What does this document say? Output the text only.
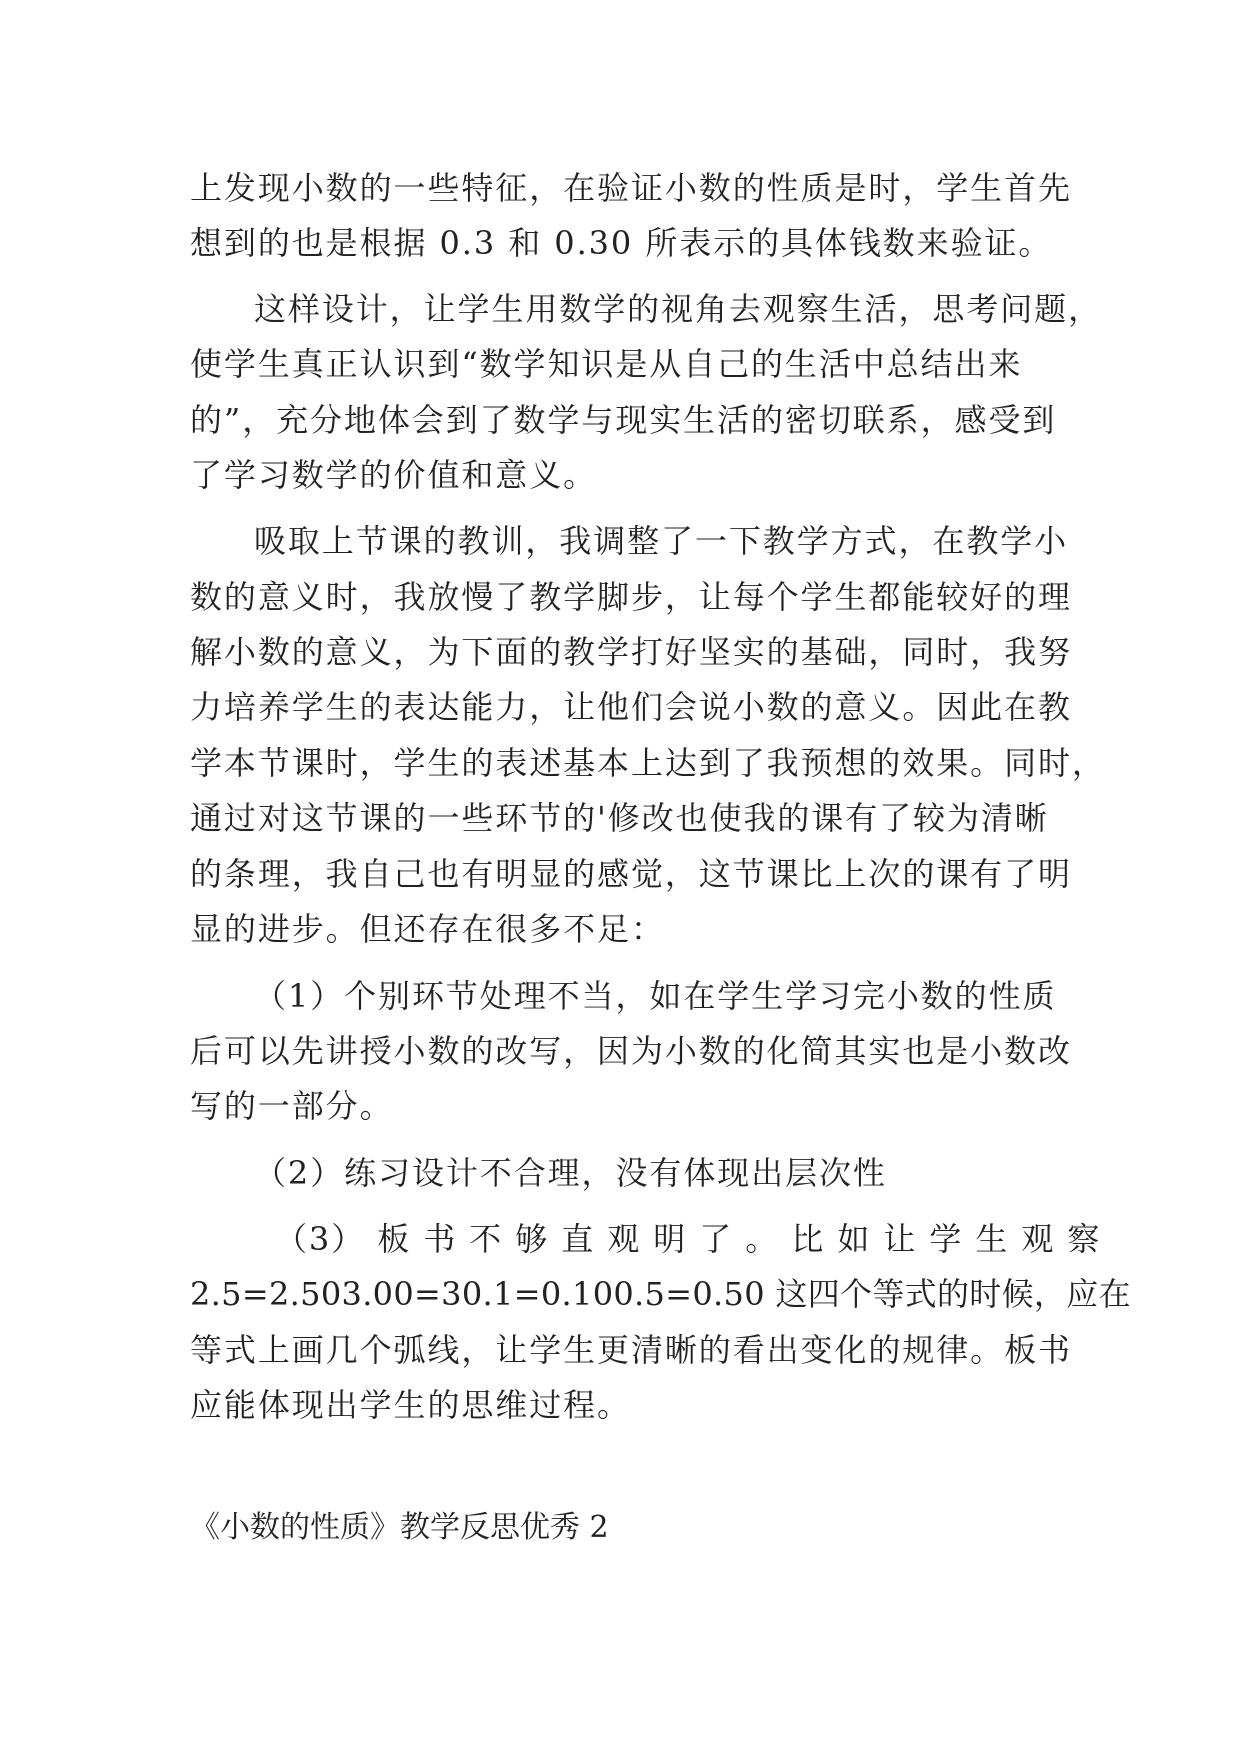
上发现小数的一些特征，在验证小数的性质是时，学生首先
想到的也是根据 0.3 和 0.30 所表示的具体钱数来验证。
这样设计，让学生用数学的视角去观察生活，思考问题，
使学生真正认识到“数学知识是从自己的生活中总结出来
的”，充分地体会到了数学与现实生活的密切联系，感受到
了学习数学的价值和意义。
吸取上节课的教训，我调整了一下教学方式，在教学小
数的意义时，我放慢了教学脚步，让每个学生都能较好的理
解小数的意义，为下面的教学打好坚实的基础，同时，我努
力培养学生的表达能力，让他们会说小数的意义。因此在教
学本节课时，学生的表述基本上达到了我预想的效果。同时，
通过对这节课的一些环节的'修改也使我的课有了较为清晰
的条理，我自己也有明显的感觉，这节课比上次的课有了明
显的进步。但还存在很多不足：
（1）个别环节处理不当，如在学生学习完小数的性质
后可以先讲授小数的改写，因为小数的化简其实也是小数改
写的一部分。
（2）练习设计不合理，没有体现出层次性
（3） 板 书 不 够 直 观 明 了 。 比 如 让 学 生 观 察
2.5=2.503.00=30.1=0.100.5=0.50 这四个等式的时候，应在
等式上画几个弧线，让学生更清晰的看出变化的规律。板书
应能体现出学生的思维过程。
《小数的性质》教学反思优秀 2
